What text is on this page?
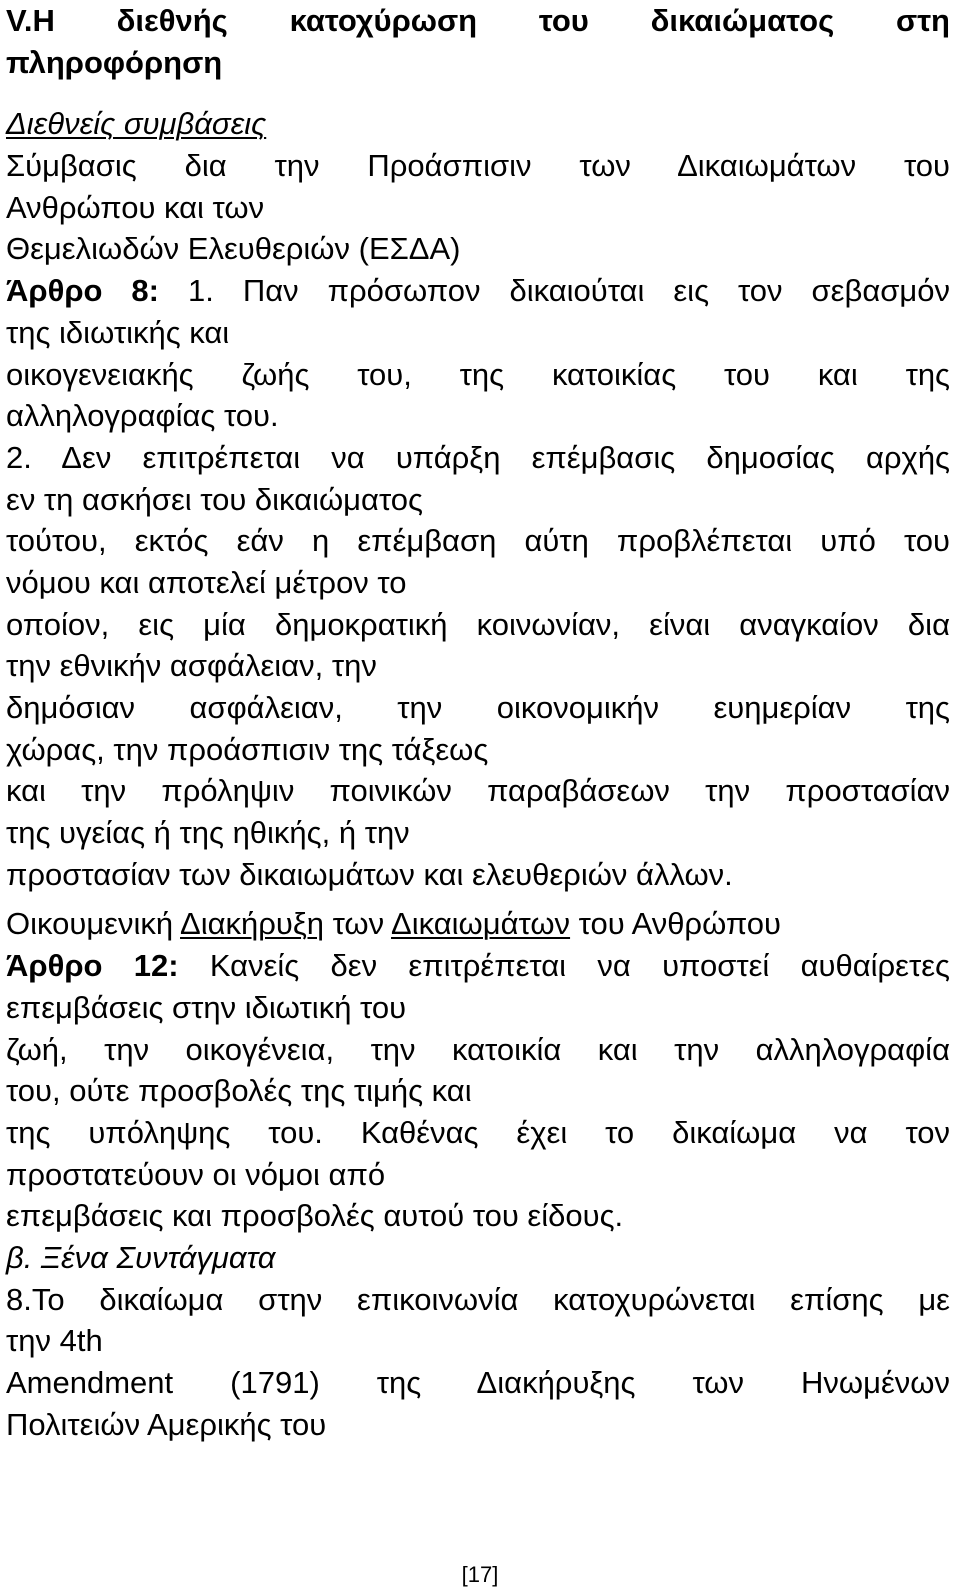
V.Η διεθνής κατοχύρωση του δικαιώματος στη
πληροφόρηση
Διεθνείς συμβάσεις
Σύμβασις δια την Προάσπισιν των Δικαιωμάτων του
Ανθρώπου και των
Θεμελιωδών Ελευθεριών (ΕΣΔΑ)
Άρθρο 8: 1. Παν πρόσωπον δικαιούται εις τον σεβασμόν
της ιδιωτικής και
οικογενειακής ζωής του, της κατοικίας του και της
αλληλογραφίας του.
2. Δεν επιτρέπεται να υπάρξη επέμβασις δημοσίας αρχής
εν τη ασκήσει του δικαιώματος
τούτου, εκτός εάν η επέμβαση αύτη προβλέπεται υπό του
νόμου και αποτελεί μέτρον το
οποίον, εις μία δημοκρατική κοινωνίαν, είναι αναγκαίον δια
την εθνικήν ασφάλειαν, την
δημόσιαν ασφάλειαν, την οικονομικήν ευημερίαν της
χώρας, την προάσπισιν της τάξεως
και την πρόληψιν ποινικών παραβάσεων την προστασίαν
της υγείας ή της ηθικής, ή την
προστασίαν των δικαιωμάτων και ελευθεριών άλλων.
Οικουμενική Διακήρυξη των Δικαιωμάτων του Ανθρώπου
Άρθρο 12: Κανείς δεν επιτρέπεται να υποστεί αυθαίρετες
επεμβάσεις στην ιδιωτική του
ζωή, την οικογένεια, την κατοικία και την αλληλογραφία
του, ούτε προσβολές της τιμής και
της υπόληψης του. Καθένας έχει το δικαίωμα να τον
προστατεύουν οι νόμοι από
επεμβάσεις και προσβολές αυτού του είδους.
β. Ξένα Συντάγματα
8.Το δικαίωμα στην επικοινωνία κατοχυρώνεται επίσης με
την 4th
Amendment (1791) της Διακήρυξης των Ηνωμένων
Πολιτειών Αμερικής του
[17]
